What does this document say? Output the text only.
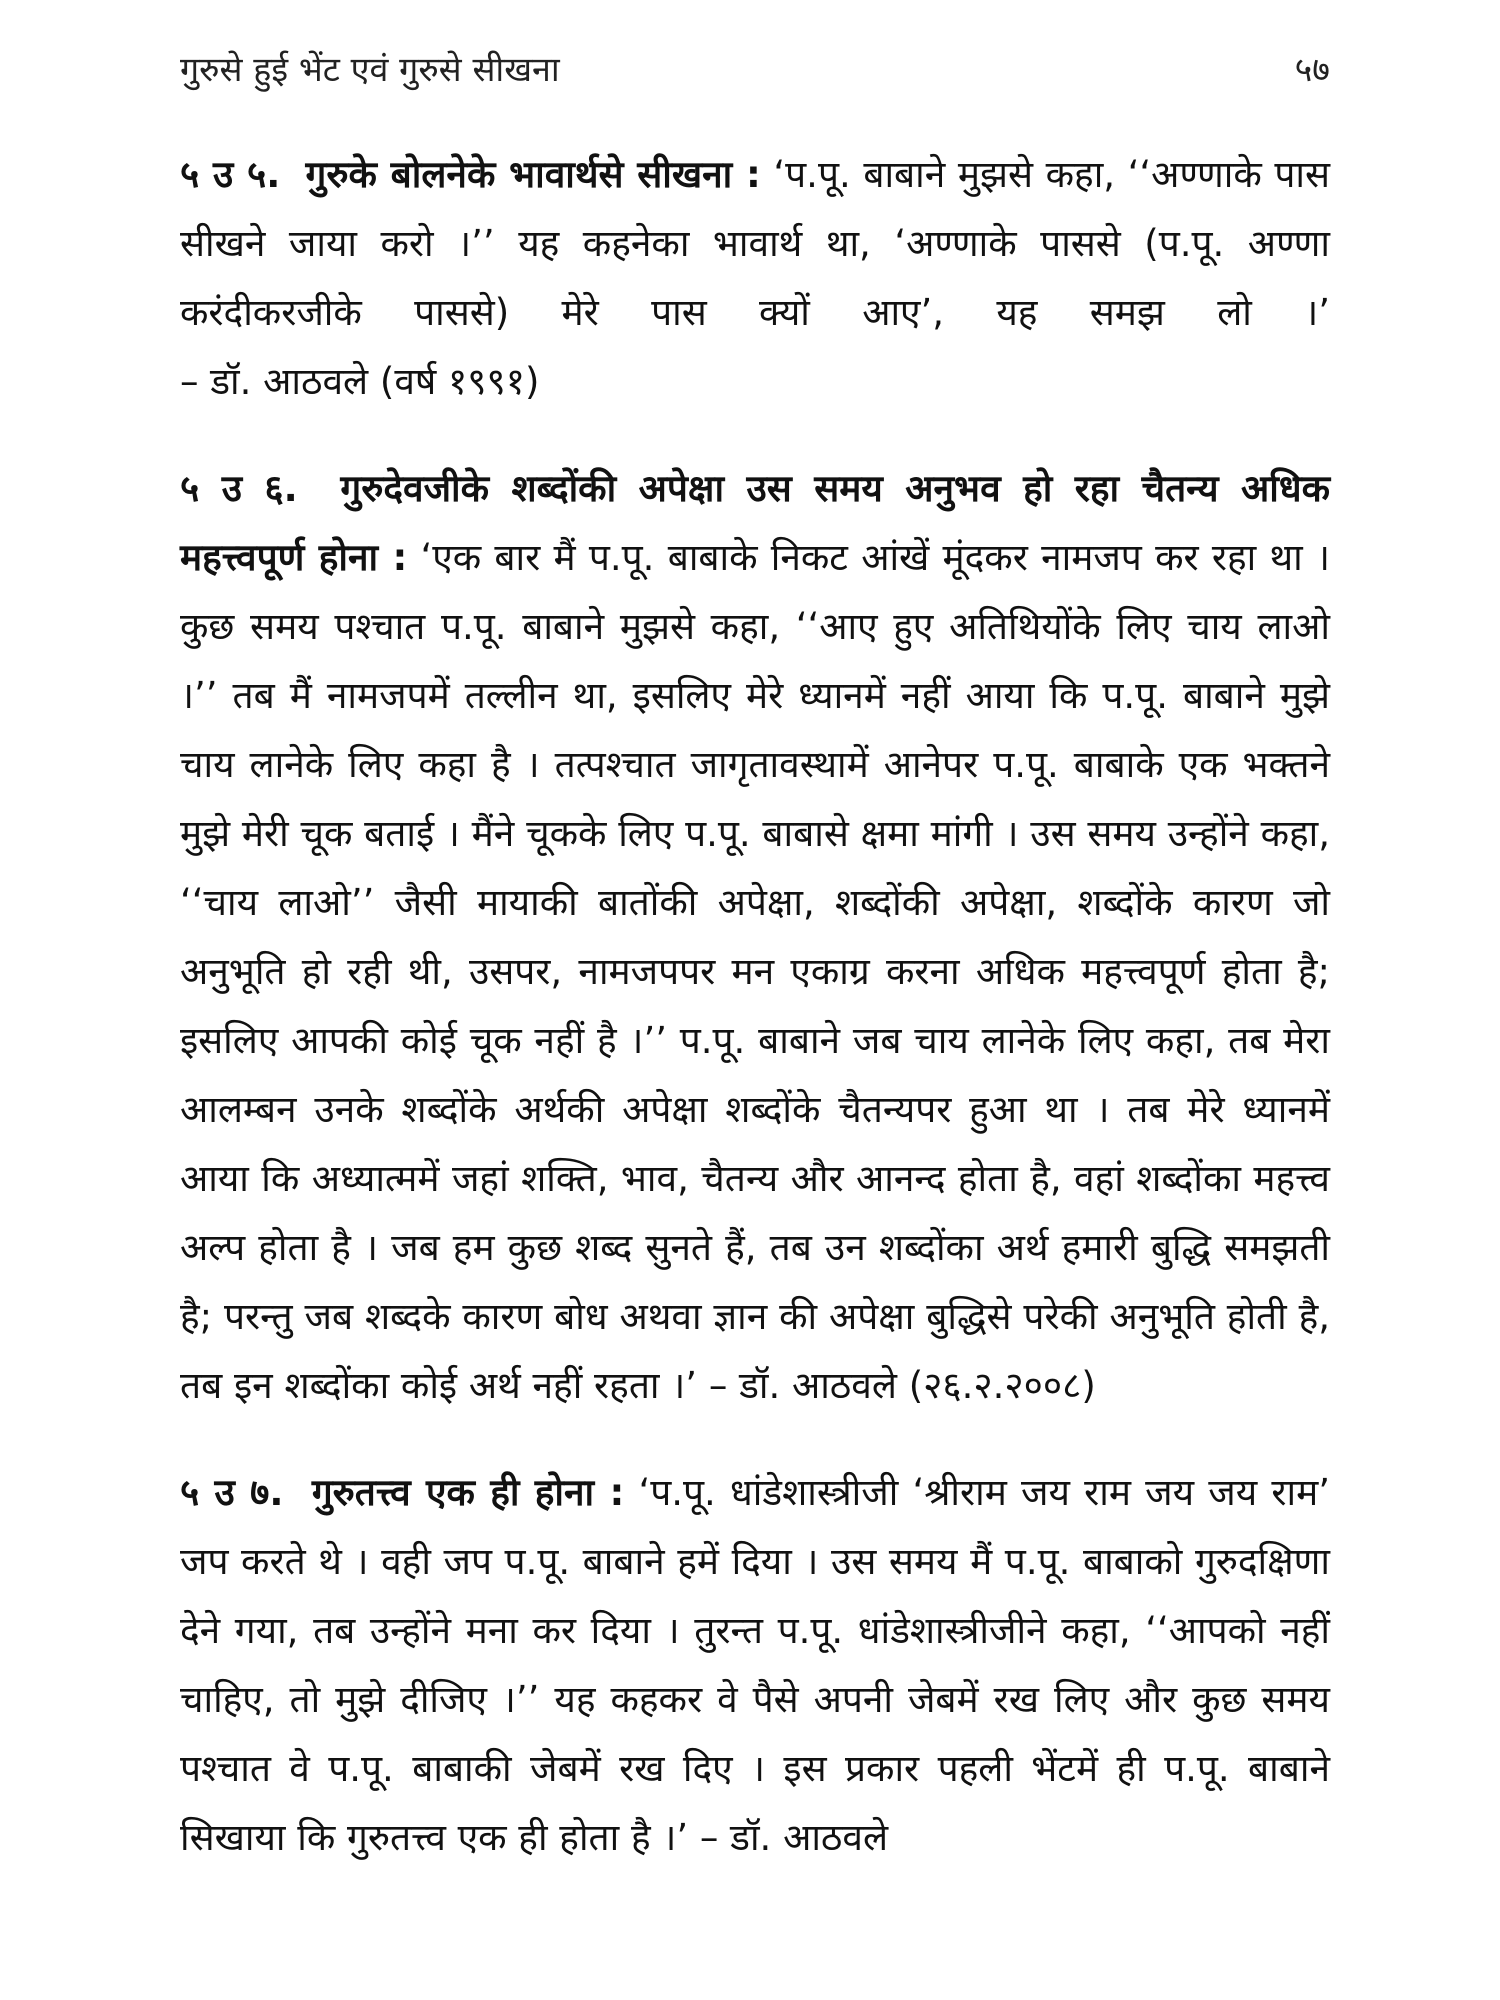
गुरुसे हुई भेंट एवं गुरुसे सीखना	५७

५ उ ५. गुरुके बोलनेके भावार्थसे सीखना : ‘प.पू. बाबाने मुझसे कहा, ‘‘अण्णाके पास सीखने जाया करो ।’’ यह कहनेका भावार्थ था, ‘अण्णाके पाससे (प.पू. अण्णा करंदीकरजीके पाससे) मेरे पास क्यों आए’, यह समझ लो ।’ – डॉ. आठवले (वर्ष १९९१)

५ उ ६. गुरुदेवजीके शब्दोंकी अपेक्षा उस समय अनुभव हो रहा चैतन्य अधिक महत्त्वपूर्ण होना : ‘एक बार मैं प.पू. बाबाके निकट आंखें मूंदकर नामजप कर रहा था । कुछ समय पश्चात प.पू. बाबाने मुझसे कहा, ‘‘आए हुए अतिथियोंके लिए चाय लाओ ।’’ तब मैं नामजपमें तल्लीन था, इसलिए मेरे ध्यानमें नहीं आया कि प.पू. बाबाने मुझे चाय लानेके लिए कहा है । तत्पश्चात जागृतावस्थामें आनेपर प.पू. बाबाके एक भक्तने मुझे मेरी चूक बताई । मैंने चूकके लिए प.पू. बाबासे क्षमा मांगी । उस समय उन्होंने कहा, ‘‘चाय लाओ’’ जैसी मायाकी बातोंकी अपेक्षा, शब्दोंकी अपेक्षा, शब्दोंके कारण जो अनुभूति हो रही थी, उसपर, नामजपपर मन एकाग्र करना अधिक महत्त्वपूर्ण होता है; इसलिए आपकी कोई चूक नहीं है ।’’ प.पू. बाबाने जब चाय लानेके लिए कहा, तब मेरा आलम्बन उनके शब्दोंके अर्थकी अपेक्षा शब्दोंके चैतन्यपर हुआ था । तब मेरे ध्यानमें आया कि अध्यात्ममें जहां शक्ति, भाव, चैतन्य और आनन्द होता है, वहां शब्दोंका महत्त्व अल्प होता है । जब हम कुछ शब्द सुनते हैं, तब उन शब्दोंका अर्थ हमारी बुद्धि समझती है; परन्तु जब शब्दके कारण बोध अथवा ज्ञान की अपेक्षा बुद्धिसे परेकी अनुभूति होती है, तब इन शब्दोंका कोई अर्थ नहीं रहता ।’ – डॉ. आठवले (२६.२.२००८)

५ उ ७. गुरुतत्त्व एक ही होना : ‘प.पू. धांडेशास्त्रीजी ‘श्रीराम जय राम जय जय राम’ जप करते थे । वही जप प.पू. बाबाने हमें दिया । उस समय मैं प.पू. बाबाको गुरुदक्षिणा देने गया, तब उन्होंने मना कर दिया । तुरन्त प.पू. धांडेशास्त्रीजीने कहा, ‘‘आपको नहीं चाहिए, तो मुझे दीजिए ।’’ यह कहकर वे पैसे अपनी जेबमें रख लिए और कुछ समय पश्चात वे प.पू. बाबाकी जेबमें रख दिए । इस प्रकार पहली भेंटमें ही प.पू. बाबाने सिखाया कि गुरुतत्त्व एक ही होता है ।’ – डॉ. आठवले
